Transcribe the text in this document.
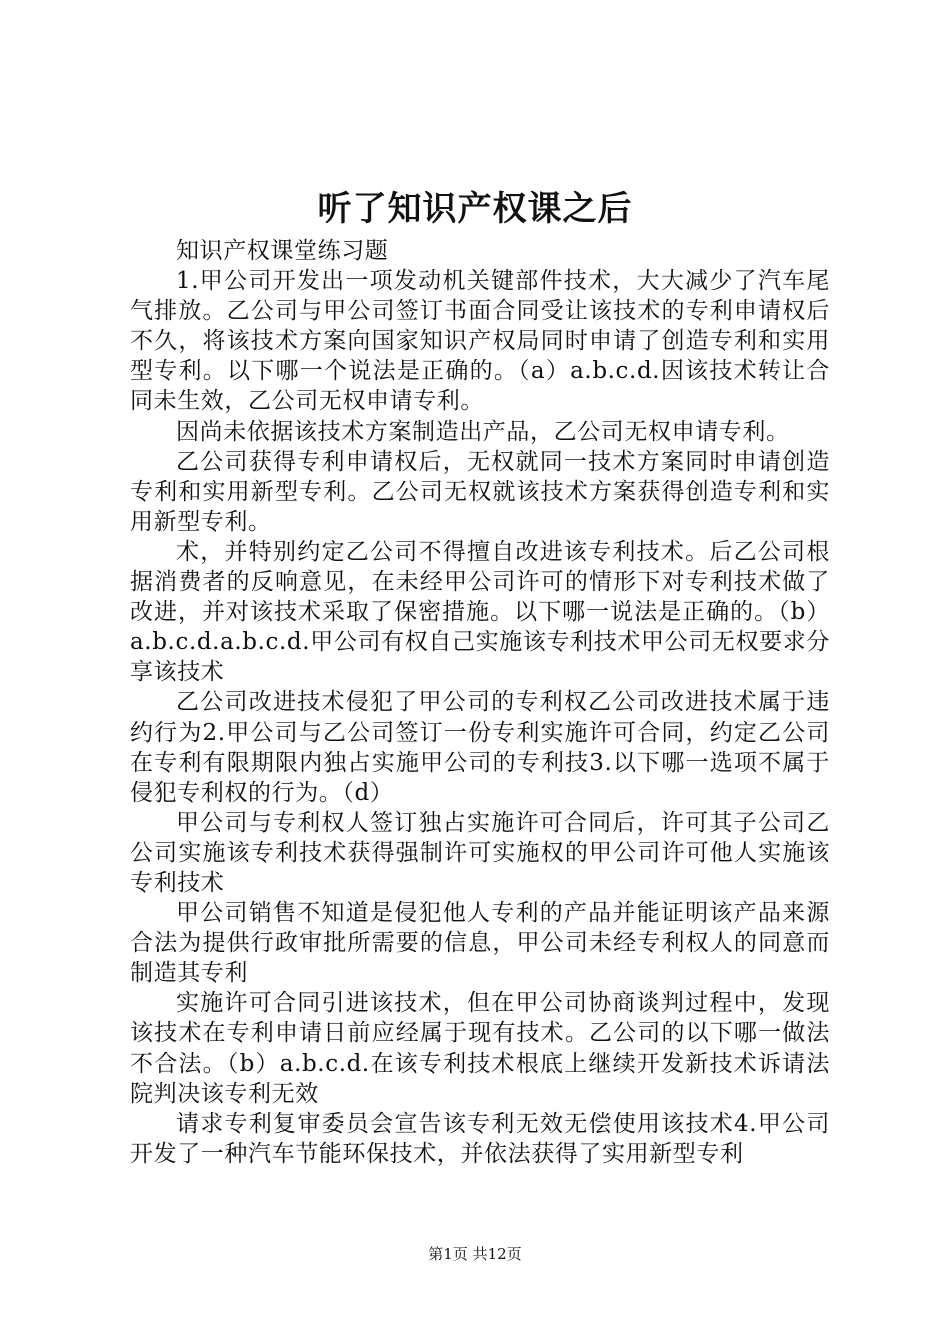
听了知识产权课之后

知识产权课堂练习题

1.甲公司开发出一项发动机关键部件技术，大大减少了汽车尾气排放。乙公司与甲公司签订书面合同受让该技术的专利申请权后不久，将该技术方案向国家知识产权局同时申请了创造专利和实用型专利。以下哪一个说法是正确的。（a）a.b.c.d.因该技术转让合同未生效，乙公司无权申请专利。

因尚未依据该技术方案制造出产品，乙公司无权申请专利。

乙公司获得专利申请权后，无权就同一技术方案同时申请创造专利和实用新型专利。乙公司无权就该技术方案获得创造专利和实用新型专利。

术，并特别约定乙公司不得擅自改进该专利技术。后乙公司根据消费者的反响意见，在未经甲公司许可的情形下对专利技术做了改进，并对该技术采取了保密措施。以下哪一说法是正确的。（b）a.b.c.d.a.b.c.d.甲公司有权自己实施该专利技术甲公司无权要求分享该技术

乙公司改进技术侵犯了甲公司的专利权乙公司改进技术属于违约行为2.甲公司与乙公司签订一份专利实施许可合同，约定乙公司在专利有限期限内独占实施甲公司的专利技3.以下哪一选项不属于侵犯专利权的行为。（d）

甲公司与专利权人签订独占实施许可合同后，许可其子公司乙公司实施该专利技术获得强制许可实施权的甲公司许可他人实施该专利技术

甲公司销售不知道是侵犯他人专利的产品并能证明该产品来源合法为提供行政审批所需要的信息，甲公司未经专利权人的同意而制造其专利

实施许可合同引进该技术，但在甲公司协商谈判过程中，发现该技术在专利申请日前应经属于现有技术。乙公司的以下哪一做法不合法。（b）a.b.c.d.在该专利技术根底上继续开发新技术诉请法院判决该专利无效

请求专利复审委员会宣告该专利无效无偿使用该技术4.甲公司开发了一种汽车节能环保技术，并依法获得了实用新型专利

第1页 共12页
